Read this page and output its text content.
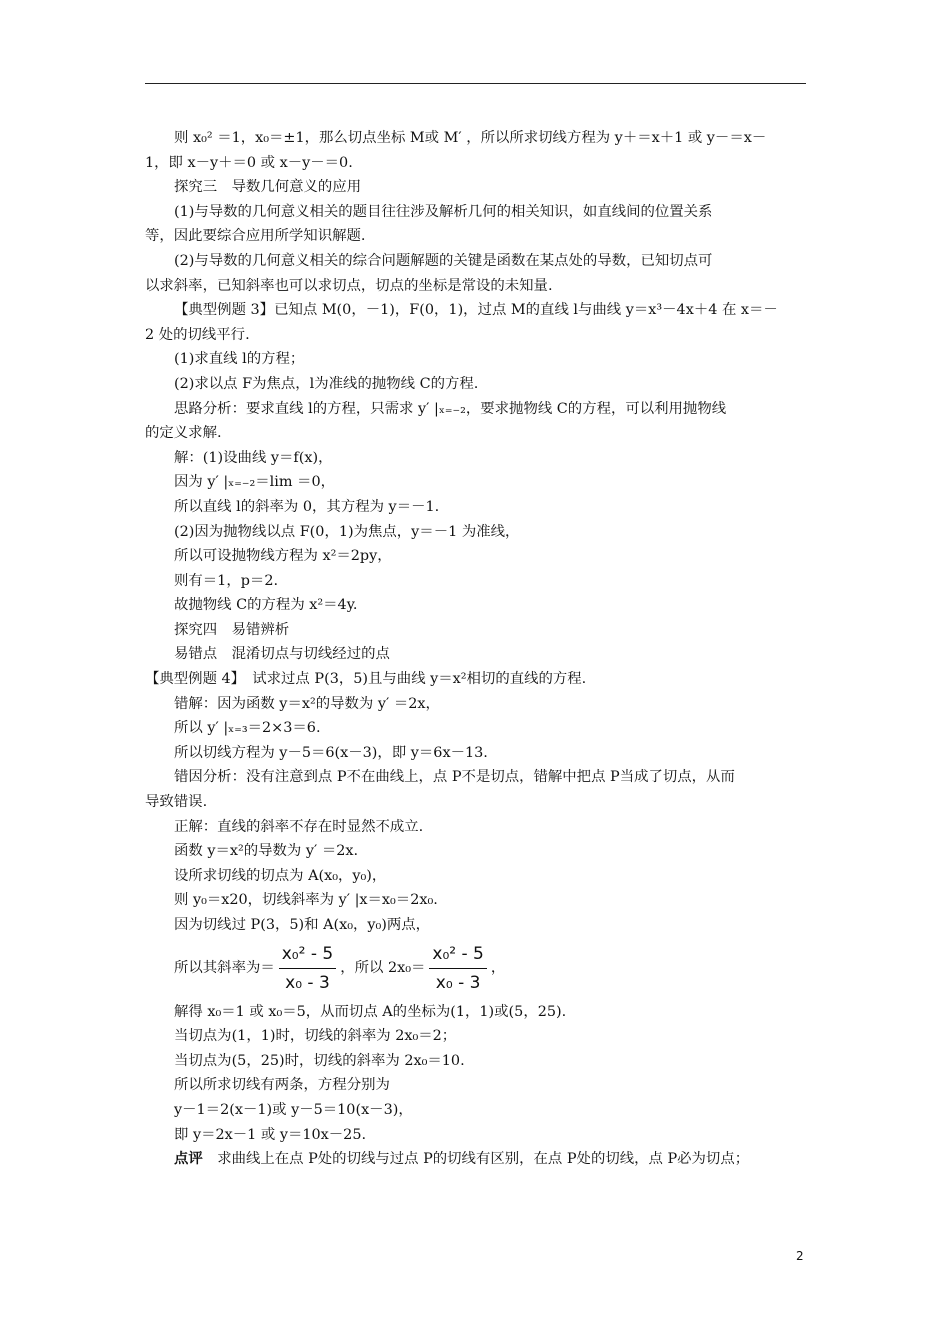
则 x₀² ＝1，x₀＝±1，那么切点坐标 M或 M′ ，所以所求切线方程为 y＋＝x＋1 或 y－＝x－

1，即 x－y＋＝0 或 x－y－＝0.

探究三　导数几何意义的应用

(1)与导数的几何意义相关的题目往往涉及解析几何的相关知识，如直线间的位置关系

等，因此要综合应用所学知识解题.

(2)与导数的几何意义相关的综合问题解题的关键是函数在某点处的导数，已知切点可

以求斜率，已知斜率也可以求切点，切点的坐标是常设的未知量.

【典型例题 3】已知点 M(0，－1)，F(0，1)，过点 M的直线 l与曲线 y＝x³－4x＋4 在 x＝－

2 处的切线平行.

(1)求直线 l的方程；

(2)求以点 F为焦点，l为准线的抛物线 C的方程.

思路分析：要求直线 l的方程，只需求 y′ |ₓ₌₋₂，要求抛物线 C的方程，可以利用抛物线

的定义求解.

解：(1)设曲线 y＝f(x)，

因为 y′ |ₓ₌₋₂＝lim ＝0，

所以直线 l的斜率为 0，其方程为 y＝－1.

(2)因为抛物线以点 F(0，1)为焦点，y＝－1 为准线，

所以可设抛物线方程为 x²＝2py，

则有＝1，p＝2.

故抛物线 C的方程为 x²＝4y.

探究四　易错辨析

易错点　混淆切点与切线经过的点

【典型例题 4】　试求过点 P(3，5)且与曲线 y＝x²相切的直线的方程.

错解：因为函数 y＝x²的导数为 y′ ＝2x，

所以 y′ |ₓ₌₃＝2×3＝6.

所以切线方程为 y－5＝6(x－3)，即 y＝6x－13.

错因分析：没有注意到点 P不在曲线上，点 P不是切点，错解中把点 P当成了切点，从而

导致错误.

正解：直线的斜率不存在时显然不成立.

函数 y＝x²的导数为 y′ ＝2x.

设所求切线的切点为 A(x₀，y₀)，

则 y₀＝x20，切线斜率为 y′ |x＝x₀＝2x₀.

因为切线过 P(3，5)和 A(x₀，y₀)两点，

所以其斜率为＝ $\frac{\text{x₀² - 5}}{\text{x₀ - 3}}$ ，所以 $2x_0= \frac{\text{x₀² - 5}}{\text{x₀ - 3}}$ ，

解得 x₀＝1 或 x₀＝5，从而切点 A的坐标为(1，1)或(5，25).

当切点为(1，1)时，切线的斜率为 2x₀＝2；

当切点为(5，25)时，切线的斜率为 2x₀＝10.

所以所求切线有两条，方程分别为

y－1＝2(x－1)或 y－5＝10(x－3)，

即 y＝2x－1 或 y＝10x－25.

点评　求曲线上在点 P处的切线与过点 P的切线有区别，在点 P处的切线，点 P必为切点；

2
